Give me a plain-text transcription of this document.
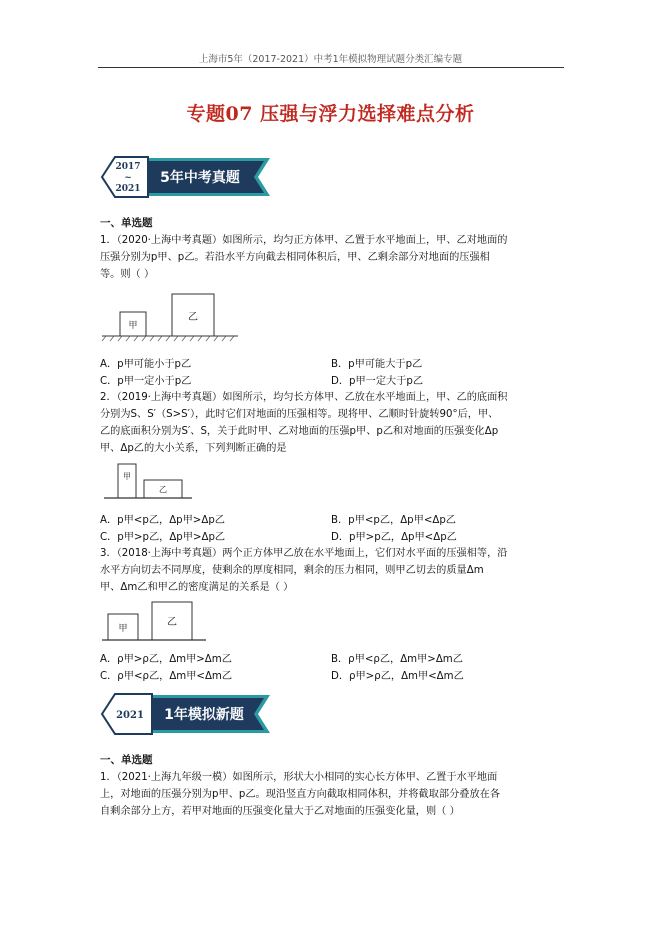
上海市5年（2017-2021）中考1年模拟物理试题分类汇编专题
专题07 压强与浮力选择难点分析
2017
~
2021
5年中考真题
一、单选题
1．（2020·上海中考真题）如图所示，均匀正方体甲、乙置于水平地面上，甲、乙对地面的
压强分别为p甲、p乙。若沿水平方向截去相同体积后，甲、乙剩余部分对地面的压强相
等。则（ ）
甲
乙
A．p甲可能小于p乙	B．p甲可能大于p乙
C．p甲一定小于p乙	D．p甲一定大于p乙
2．（2019·上海中考真题）如图所示，均匀长方体甲、乙放在水平地面上，甲、乙的底面积
分别为S、S′（S>S′），此时它们对地面的压强相等。现将甲、乙顺时针旋转90°后，甲、
乙的底面积分别为S′、S，关于此时甲、乙对地面的压强p甲、p乙和对地面的压强变化Δp
甲、Δp乙的大小关系，下列判断正确的是
甲
乙
A．p甲<p乙，Δp甲>Δp乙	B．p甲<p乙，Δp甲<Δp乙
C．p甲>p乙，Δp甲>Δp乙	D．p甲>p乙，Δp甲<Δp乙
3．（2018·上海中考真题）两个正方体甲乙放在水平地面上，它们对水平面的压强相等，沿
水平方向切去不同厚度，使剩余的厚度相同，剩余的压力相同，则甲乙切去的质量Δm
甲、Δm乙和甲乙的密度满足的关系是（ ）
甲
乙
A．ρ甲>ρ乙，Δm甲>Δm乙	B．ρ甲<ρ乙，Δm甲>Δm乙
C．ρ甲<ρ乙，Δm甲<Δm乙	D．ρ甲>ρ乙，Δm甲<Δm乙
2021 1年模拟新题
一、单选题
1．（2021·上海九年级一模）如图所示，形状大小相同的实心长方体甲、乙置于水平地面
上，对地面的压强分别为p甲、p乙。现沿竖直方向截取相同体积，并将截取部分叠放在各
自剩余部分上方，若甲对地面的压强变化量大于乙对地面的压强变化量，则（ ）
